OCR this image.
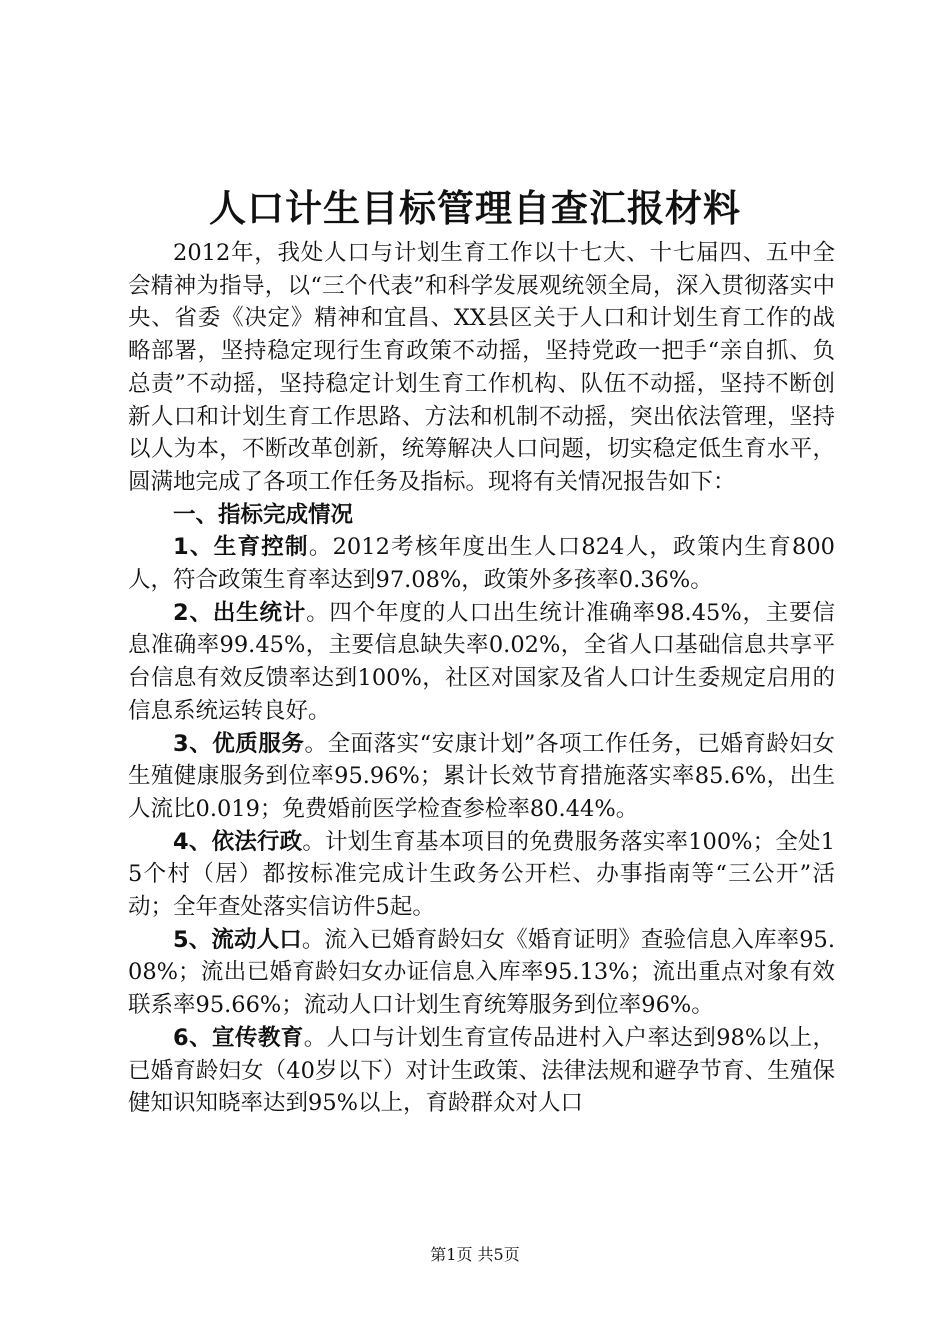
人口计生目标管理自查汇报材料

2012年，我处人口与计划生育工作以十七大、十七届四、五中全会精神为指导，以“三个代表”和科学发展观统领全局，深入贯彻落实中央、省委《决定》精神和宜昌、XX县区关于人口和计划生育工作的战略部署，坚持稳定现行生育政策不动摇，坚持党政一把手“亲自抓、负总责”不动摇，坚持稳定计划生育工作机构、队伍不动摇，坚持不断创新人口和计划生育工作思路、方法和机制不动摇，突出依法管理，坚持以人为本，不断改革创新，统筹解决人口问题，切实稳定低生育水平，圆满地完成了各项工作任务及指标。现将有关情况报告如下：

一、指标完成情况

1、生育控制。2012考核年度出生人口824人，政策内生育800人，符合政策生育率达到97.08%，政策外多孩率0.36%。

2、出生统计。四个年度的人口出生统计准确率98.45%，主要信息准确率99.45%，主要信息缺失率0.02%，全省人口基础信息共享平台信息有效反馈率达到100%，社区对国家及省人口计生委规定启用的信息系统运转良好。

3、优质服务。全面落实“安康计划”各项工作任务，已婚育龄妇女生殖健康服务到位率95.96%；累计长效节育措施落实率85.6%，出生人流比0.019；免费婚前医学检查参检率80.44%。

4、依法行政。计划生育基本项目的免费服务落实率100%；全处15个村（居）都按标准完成计生政务公开栏、办事指南等“三公开”活动；全年查处落实信访件5起。

5、流动人口。流入已婚育龄妇女《婚育证明》查验信息入库率95.08%；流出已婚育龄妇女办证信息入库率95.13%；流出重点对象有效联系率95.66%；流动人口计划生育统筹服务到位率96%。

6、宣传教育。人口与计划生育宣传品进村入户率达到98%以上，已婚育龄妇女（40岁以下）对计生政策、法律法规和避孕节育、生殖保健知识知晓率达到95%以上，育龄群众对人口

第1页 共5页
